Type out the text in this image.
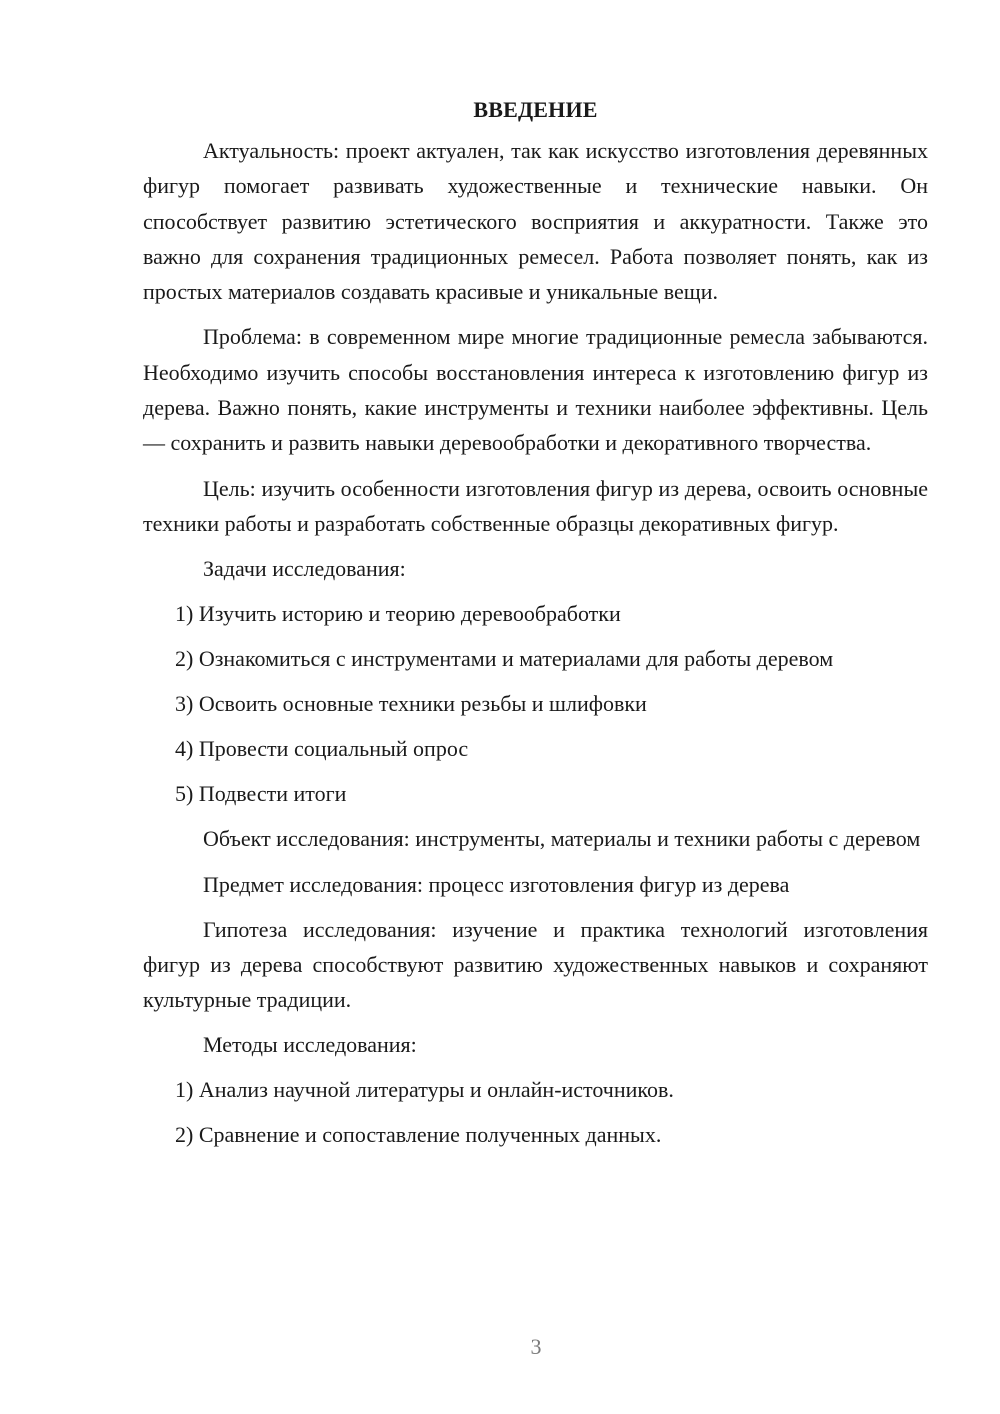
ВВЕДЕНИЕ

Актуальность: проект актуален, так как искусство изготовления деревянных фигур помогает развивать художественные и технические навыки. Он способствует развитию эстетического восприятия и аккуратности. Также это важно для сохранения традиционных ремесел. Работа позволяет понять, как из простых материалов создавать красивые и уникальные вещи.

Проблема: в современном мире многие традиционные ремесла забываются. Необходимо изучить способы восстановления интереса к изготовлению фигур из дерева. Важно понять, какие инструменты и техники наиболее эффективны. Цель — сохранить и развить навыки деревообработки и декоративного творчества.

Цель: изучить особенности изготовления фигур из дерева, освоить основные техники работы и разработать собственные образцы декоративных фигур.

Задачи исследования:
1) Изучить историю и теорию деревообработки
2) Ознакомиться с инструментами и материалами для работы деревом
3) Освоить основные техники резьбы и шлифовки
4) Провести социальный опрос
5) Подвести итоги

Объект исследования: инструменты, материалы и техники работы с деревом

Предмет исследования: процесс изготовления фигур из дерева

Гипотеза исследования: изучение и практика технологий изготовления фигур из дерева способствуют развитию художественных навыков и сохраняют культурные традиции.

Методы исследования:
1) Анализ научной литературы и онлайн-источников.
2) Сравнение и сопоставление полученных данных.
3
